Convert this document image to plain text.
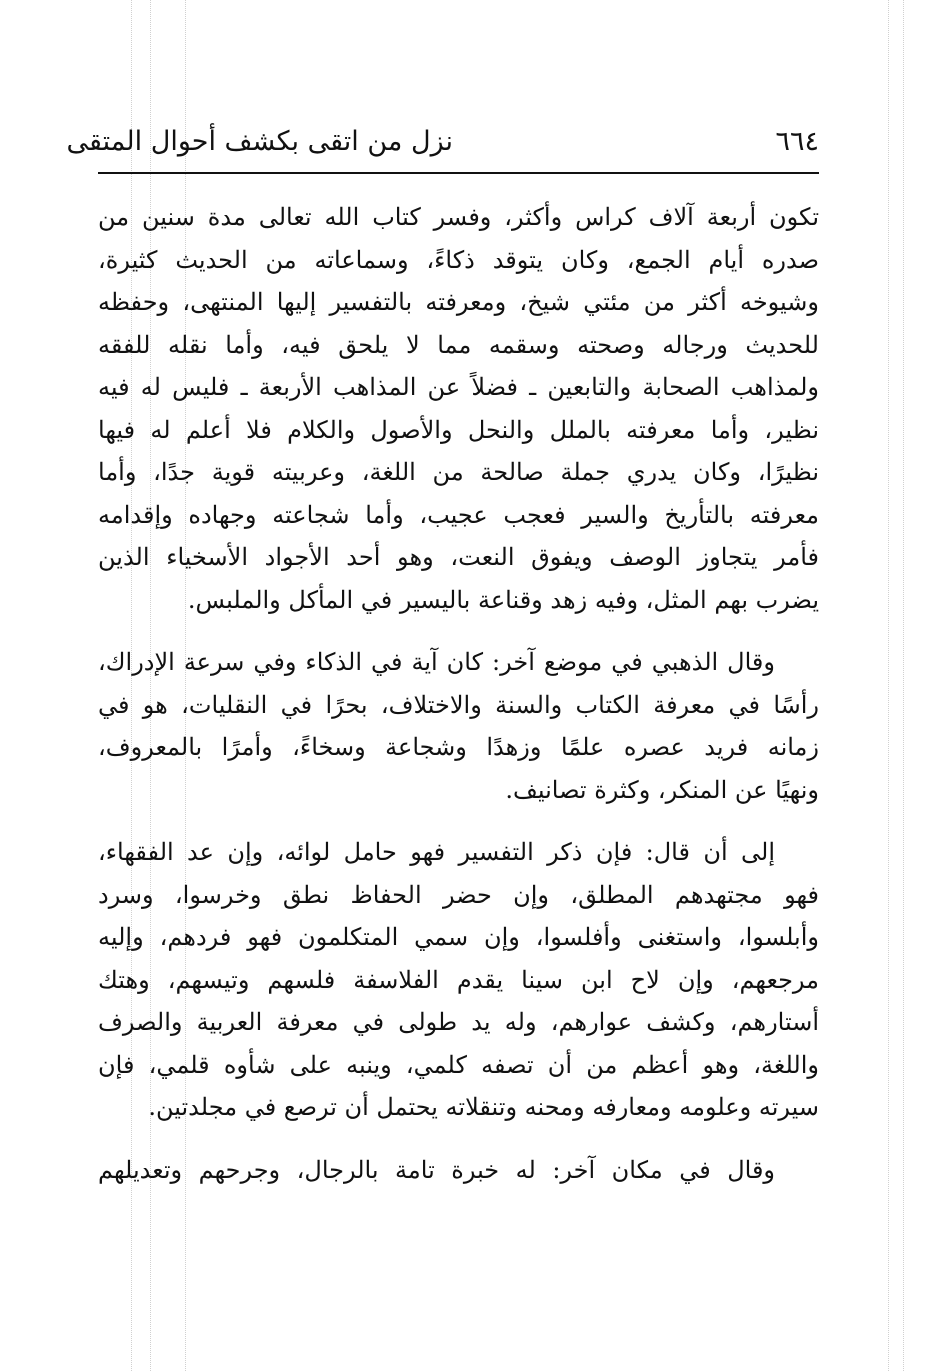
نزل من اتقى بكشف أحوال المتقى	٦٦٤

تكون أربعة آلاف كراس وأكثر، وفسر كتاب الله تعالى مدة سنين من
صدره أيام الجمع، وكان يتوقد ذكاءً، وسماعاته من الحديث كثيرة،
وشيوخه أكثر من مئتي شيخ، ومعرفته بالتفسير إليها المنتهى، وحفظه
للحديث ورجاله وصحته وسقمه مما لا يلحق فيه، وأما نقله للفقه
ولمذاهب الصحابة والتابعين ـ فضلاً عن المذاهب الأربعة ـ فليس له فيه
نظير، وأما معرفته بالملل والنحل والأصول والكلام فلا أعلم له فيها
نظيرًا، وكان يدري جملة صالحة من اللغة، وعربيته قوية جدًا، وأما
معرفته بالتأريخ والسير فعجب عجيب، وأما شجاعته وجهاده وإقدامه
فأمر يتجاوز الوصف ويفوق النعت، وهو أحد الأجواد الأسخياء الذين
يضرب بهم المثل، وفيه زهد وقناعة باليسير في المأكل والملبس.

وقال الذهبي في موضع آخر: كان آية في الذكاء وفي سرعة الإدراك،
رأسًا في معرفة الكتاب والسنة والاختلاف، بحرًا في النقليات، هو في
زمانه فريد عصره علمًا وزهدًا وشجاعة وسخاءً، وأمرًا بالمعروف،
ونهيًا عن المنكر، وكثرة تصانيف.

إلى أن قال: فإن ذكر التفسير فهو حامل لوائه، وإن عد الفقهاء،
فهو مجتهدهم المطلق، وإن حضر الحفاظ نطق وخرسوا، وسرد
وأبلسوا، واستغنى وأفلسوا، وإن سمي المتكلمون فهو فردهم، وإليه
مرجعهم، وإن لاح ابن سينا يقدم الفلاسفة فلسهم وتيسهم، وهتك
أستارهم، وكشف عوارهم، وله يد طولى في معرفة العربية والصرف
واللغة، وهو أعظم من أن تصفه كلمي، وينبه على شأوه قلمي، فإن
سيرته وعلومه ومعارفه ومحنه وتنقلاته يحتمل أن ترصع في مجلدتين.

وقال في مكان آخر: له خبرة تامة بالرجال، وجرحهم وتعديلهم
